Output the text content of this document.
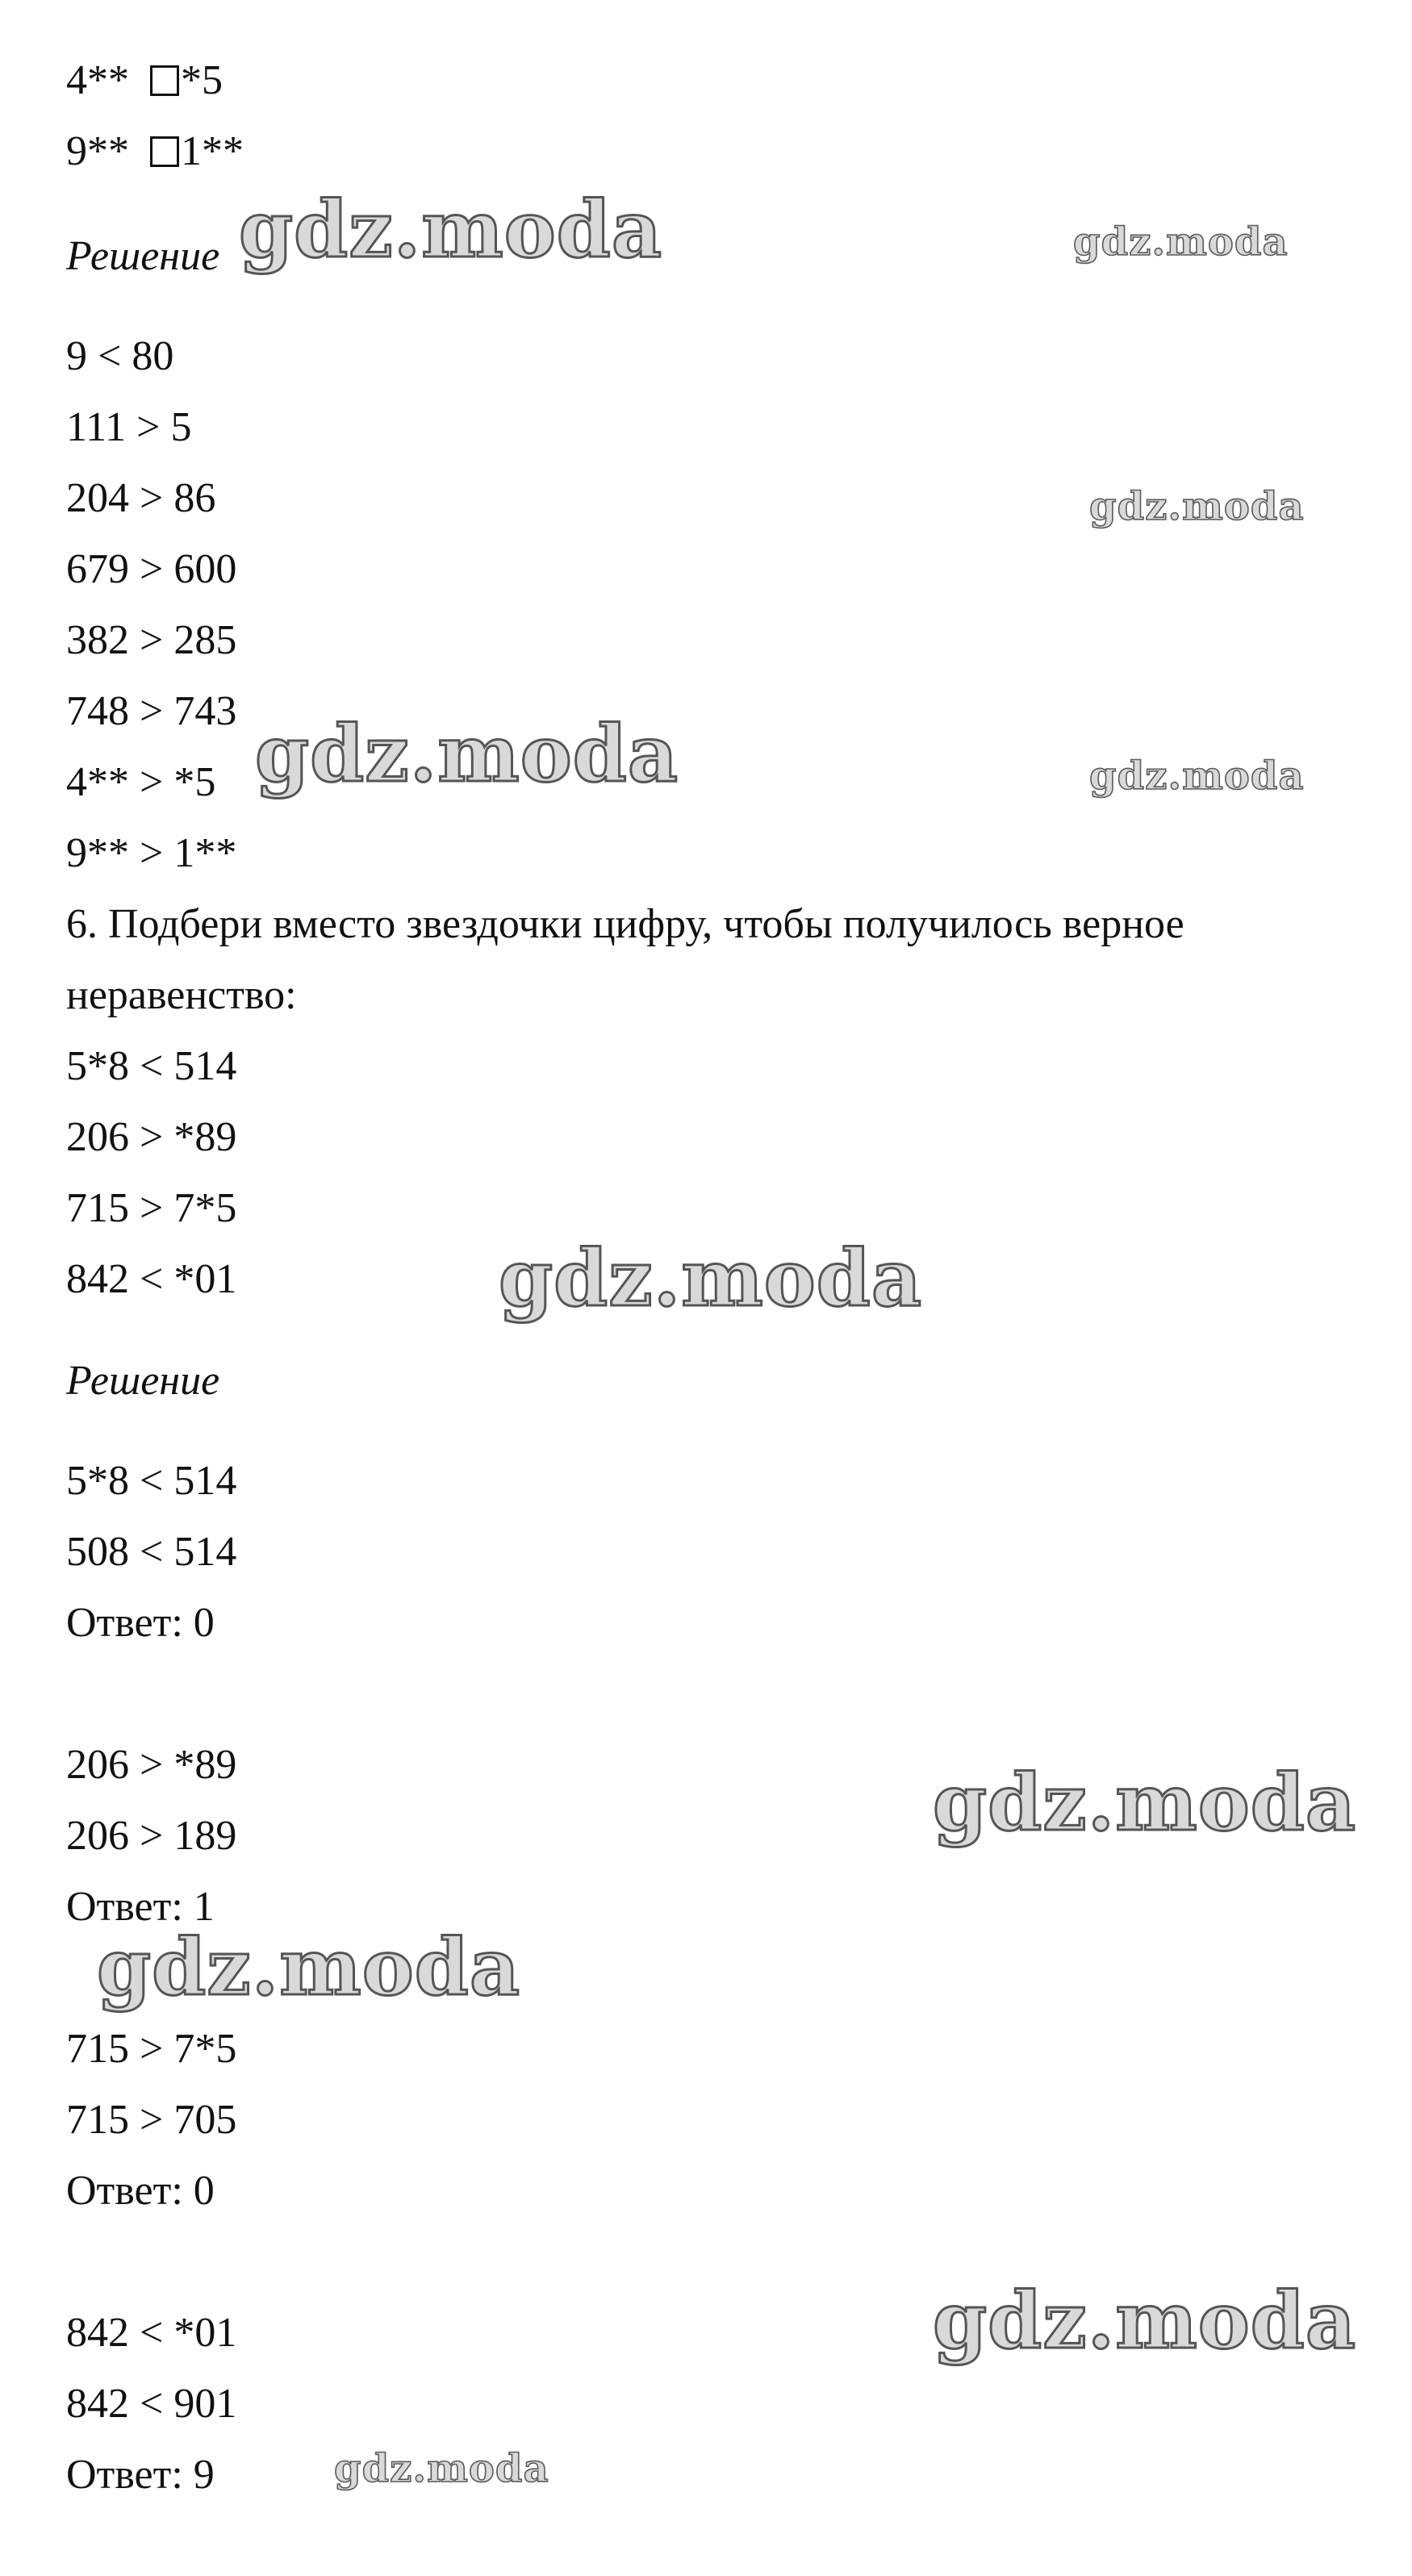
4** *5
9** 1**
Решение
9 < 80
111 > 5
204 > 86
679 > 600
382 > 285
748 > 743
4** > *5
9** > 1**
6. Подбери вместо звездочки цифру, чтобы получилось верное
неравенство:
5*8 < 514
206 > *89
715 > 7*5
842 < *01
Решение
5*8 < 514
508 < 514
Ответ: 0
206 > *89
206 > 189
Ответ: 1
715 > 7*5
715 > 705
Ответ: 0
842 < *01
842 < 901
Ответ: 9
gdz.moda	gdz.moda
gdz.moda
gdz.moda	gdz.moda
gdz.moda
gdz.moda
gdz.moda
gdz.moda
gdz.moda
